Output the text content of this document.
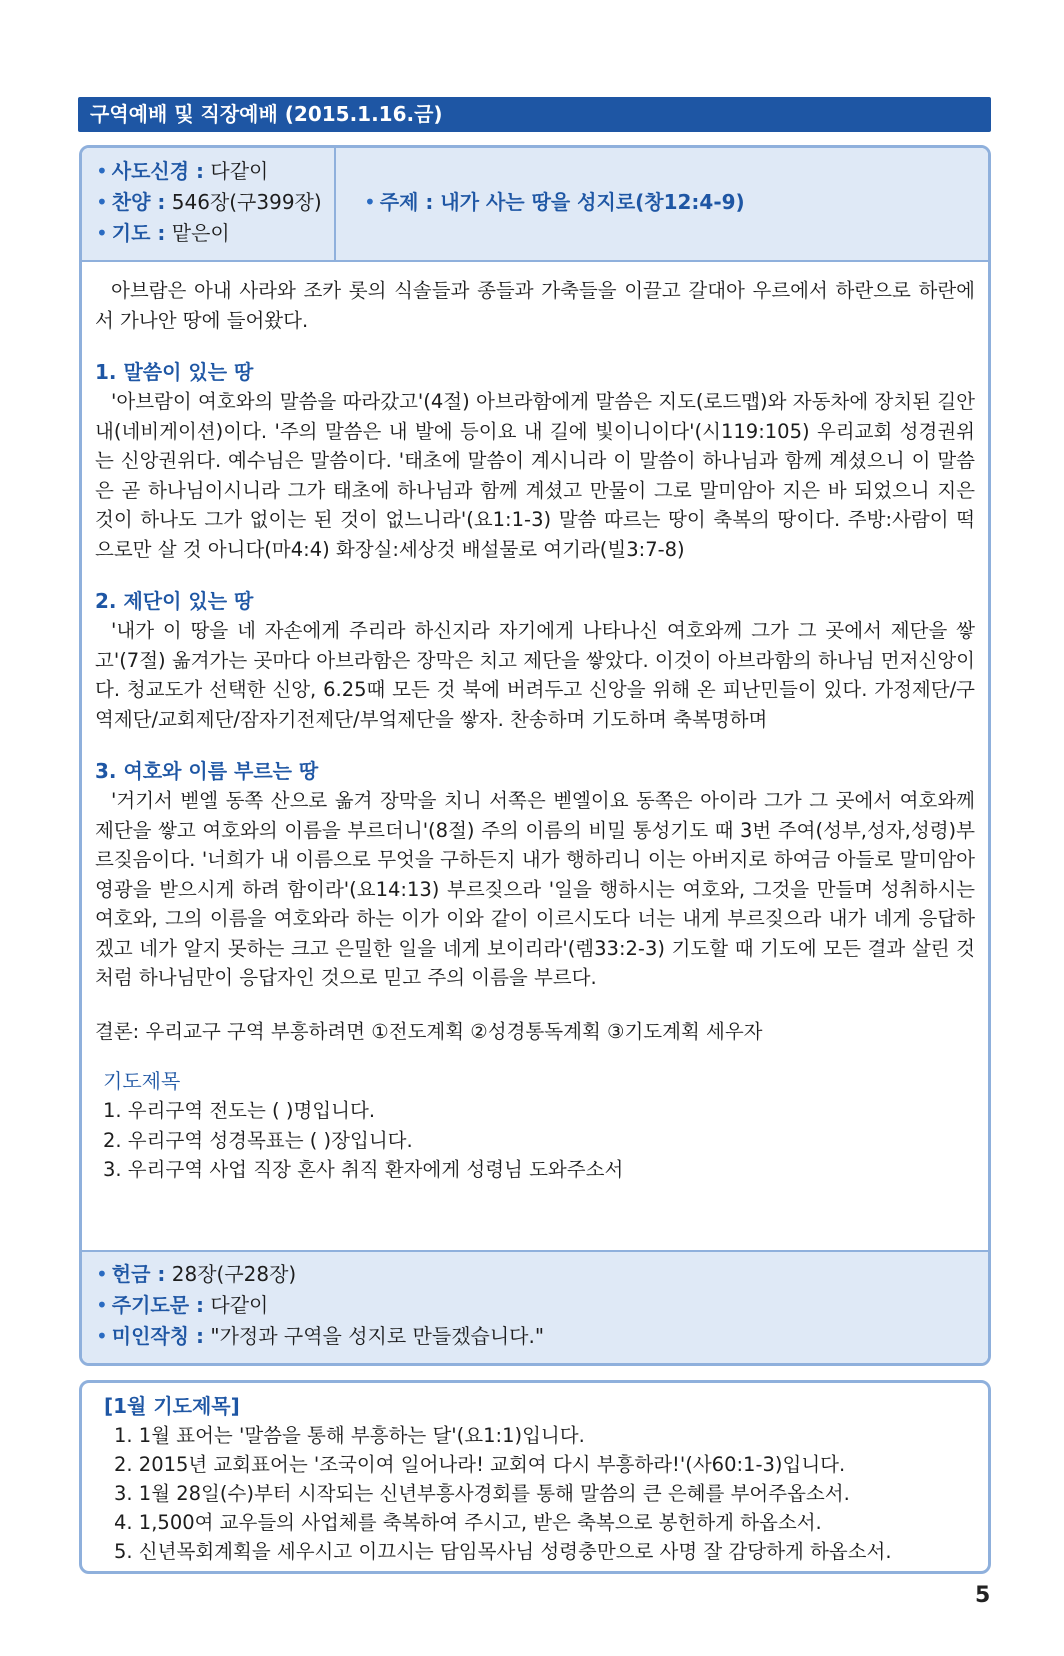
구역예배 및 직장예배 (2015.1.16.금)
• 사도신경 : 다같이
• 찬양 : 546장(구399장)
• 기도 : 맡은이
• 주제 : 내가 사는 땅을 성지로(창12:4-9)

아브람은 아내 사라와 조카 롯의 식솔들과 종들과 가축들을 이끌고 갈대아 우르에서 하란으로 하란에서 가나안 땅에 들어왔다.

1. 말씀이 있는 땅

'아브람이 여호와의 말씀을 따라갔고'(4절) 아브라함에게 말씀은 지도(로드맵)와 자동차에 장치된 길안내(네비게이션)이다. '주의 말씀은 내 발에 등이요 내 길에 빛이니이다'(시119:105) 우리교회 성경권위는 신앙권위다. 예수님은 말씀이다. '태초에 말씀이 계시니라 이 말씀이 하나님과 함께 계셨으니 이 말씀은 곧 하나님이시니라 그가 태초에 하나님과 함께 계셨고 만물이 그로 말미암아 지은 바 되었으니 지은 것이 하나도 그가 없이는 된 것이 없느니라'(요1:1-3) 말씀 따르는 땅이 축복의 땅이다. 주방:사람이 떡으로만 살 것 아니다(마4:4) 화장실:세상것 배설물로 여기라(빌3:7-8)

2. 제단이 있는 땅

'내가 이 땅을 네 자손에게 주리라 하신지라 자기에게 나타나신 여호와께 그가 그 곳에서 제단을 쌓고'(7절) 옮겨가는 곳마다 아브라함은 장막은 치고 제단을 쌓았다. 이것이 아브라함의 하나님 먼저신앙이다. 청교도가 선택한 신앙, 6.25때 모든 것 북에 버려두고 신앙을 위해 온 피난민들이 있다. 가정제단/구역제단/교회제단/잠자기전제단/부엌제단을 쌓자. 찬송하며 기도하며 축복명하며

3. 여호와 이름 부르는 땅

'거기서 벧엘 동쪽 산으로 옮겨 장막을 치니 서쪽은 벧엘이요 동쪽은 아이라 그가 그 곳에서 여호와께 제단을 쌓고 여호와의 이름을 부르더니'(8절) 주의 이름의 비밀 통성기도 때 3번 주여(성부,성자,성령)부르짖음이다. '너희가 내 이름으로 무엇을 구하든지 내가 행하리니 이는 아버지로 하여금 아들로 말미암아 영광을 받으시게 하려 함이라'(요14:13) 부르짖으라 '일을 행하시는 여호와, 그것을 만들며 성취하시는 여호와, 그의 이름을 여호와라 하는 이가 이와 같이 이르시도다 너는 내게 부르짖으라 내가 네게 응답하겠고 네가 알지 못하는 크고 은밀한 일을 네게 보이리라'(렘33:2-3) 기도할 때 기도에 모든 결과 살린 것처럼 하나님만이 응답자인 것으로 믿고 주의 이름을 부르다.

결론: 우리교구 구역 부흥하려면 ①전도계획 ②성경통독계획 ③기도계획 세우자

기도제목

1. 우리구역 전도는 ( )명입니다.

2. 우리구역 성경목표는 ( )장입니다.

3. 우리구역 사업 직장 혼사 취직 환자에게 성령님 도와주소서

• 헌금 : 28장(구28장)
• 주기도문 : 다같이
• 미인작칭 : "가정과 구역을 성지로 만들겠습니다."

[1월 기도제목]

1. 1월 표어는 '말씀을 통해 부흥하는 달'(요1:1)입니다.

2. 2015년 교회표어는 '조국이여 일어나라! 교회여 다시 부흥하라!'(사60:1-3)입니다.

3. 1월 28일(수)부터 시작되는 신년부흥사경회를 통해 말씀의 큰 은혜를 부어주옵소서.

4. 1,500여 교우들의 사업체를 축복하여 주시고, 받은 축복으로 봉헌하게 하옵소서.

5. 신년목회계획을 세우시고 이끄시는 담임목사님 성령충만으로 사명 잘 감당하게 하옵소서.

5
